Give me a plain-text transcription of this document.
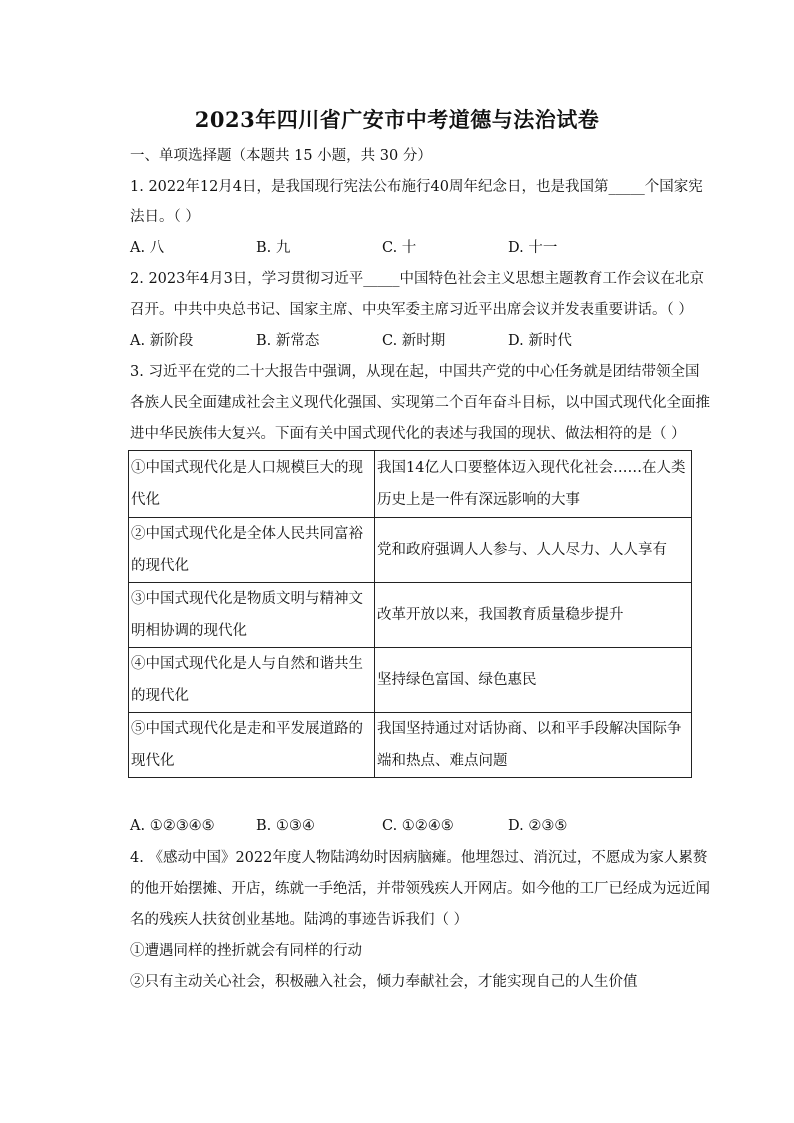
2023年四川省广安市中考道德与法治试卷
一、单项选择题（本题共 15 小题，共 30 分）
1. 2022年12月4日，是我国现行宪法公布施行40周年纪念日，也是我国第_____个国家宪
法日。（ ）
A. 八	B. 九	C. 十	D. 十一
2. 2023年4月3日，学习贯彻习近平_____中国特色社会主义思想主题教育工作会议在北京
召开。中共中央总书记、国家主席、中央军委主席习近平出席会议并发表重要讲话。（ ）
A. 新阶段	B. 新常态	C. 新时期	D. 新时代
3. 习近平在党的二十大报告中强调，从现在起，中国共产党的中心任务就是团结带领全国
各族人民全面建成社会主义现代化强国、实现第二个百年奋斗目标，以中国式现代化全面推
进中华民族伟大复兴。下面有关中国式现代化的表述与我国的现状、做法相符的是（ ）
①中国式现代化是人口规模巨大的现代化	我国14亿人口要整体迈入现代化社会……在人类历史上是一件有深远影响的大事
②中国式现代化是全体人民共同富裕的现代化	党和政府强调人人参与、人人尽力、人人享有
③中国式现代化是物质文明与精神文明相协调的现代化	改革开放以来，我国教育质量稳步提升
④中国式现代化是人与自然和谐共生的现代化	坚持绿色富国、绿色惠民
⑤中国式现代化是走和平发展道路的现代化	我国坚持通过对话协商、以和平手段解决国际争端和热点、难点问题
A. ①②③④⑤	B. ①③④	C. ①②④⑤	D. ②③⑤
4. 《感动中国》2022年度人物陆鸿幼时因病脑瘫。他埋怨过、消沉过，不愿成为家人累赘
的他开始摆摊、开店，练就一手绝活，并带领残疾人开网店。如今他的工厂已经成为远近闻
名的残疾人扶贫创业基地。陆鸿的事迹告诉我们（ ）
①遭遇同样的挫折就会有同样的行动
②只有主动关心社会，积极融入社会，倾力奉献社会，才能实现自己的人生价值
